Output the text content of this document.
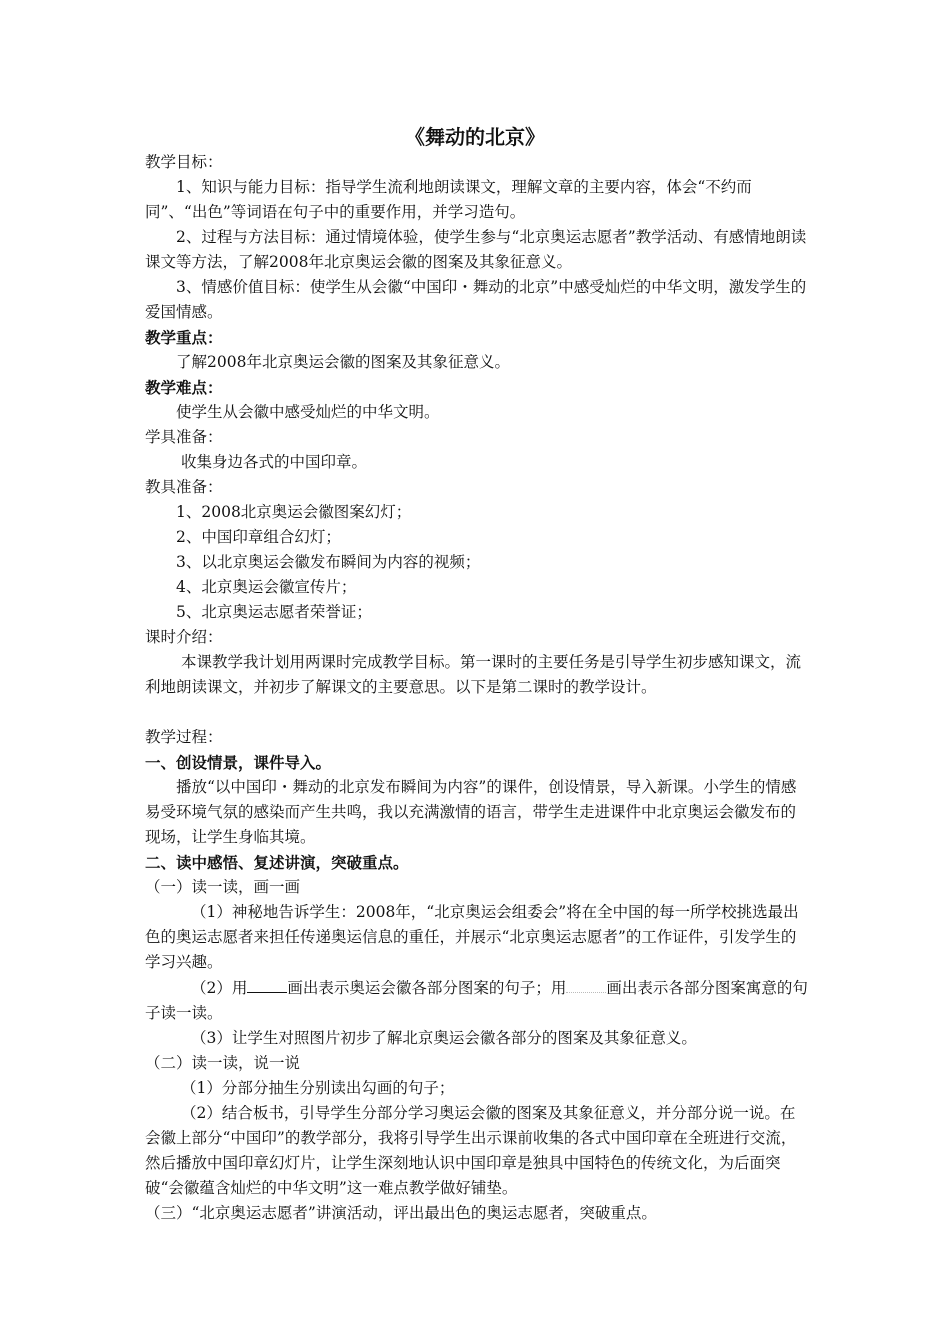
《舞动的北京》

教学目标：

1、知识与能力目标：指导学生流利地朗读课文，理解文章的主要内容，体会“不约而同”、“出色”等词语在句子中的重要作用，并学习造句。

2、过程与方法目标：通过情境体验，使学生参与“北京奥运志愿者”教学活动、有感情地朗读课文等方法，了解2008年北京奥运会徽的图案及其象征意义。

3、情感价值目标：使学生从会徽“中国印・舞动的北京”中感受灿烂的中华文明，激发学生的爱国情感。

教学重点：

了解2008年北京奥运会徽的图案及其象征意义。

教学难点：

使学生从会徽中感受灿烂的中华文明。

学具准备：

收集身边各式的中国印章。

教具准备：

1、2008北京奥运会徽图案幻灯；

2、中国印章组合幻灯；

3、以北京奥运会徽发布瞬间为内容的视频；

4、北京奥运会徽宣传片；

5、北京奥运志愿者荣誉证；

课时介绍：

本课教学我计划用两课时完成教学目标。第一课时的主要任务是引导学生初步感知课文，流利地朗读课文，并初步了解课文的主要意思。以下是第二课时的教学设计。

教学过程：

一、创设情景，课件导入。

播放“以中国印・舞动的北京发布瞬间为内容”的课件，创设情景，导入新课。小学生的情感易受环境气氛的感染而产生共鸣，我以充满激情的语言，带学生走进课件中北京奥运会徽发布的现场，让学生身临其境。

二、读中感悟、复述讲演，突破重点。

（一）读一读，画一画

（1）神秘地告诉学生：2008年，“北京奥运会组委会”将在全中国的每一所学校挑选最出色的奥运志愿者来担任传递奥运信息的重任，并展示“北京奥运志愿者”的工作证件，引发学生的学习兴趣。

（2）用	画出表示奥运会徽各部分图案的句子；用	画出表示各部分图案寓意的句子读一读。

（3）让学生对照图片初步了解北京奥运会徽各部分的图案及其象征意义。

（二）读一读，说一说

（1）分部分抽生分别读出勾画的句子；

（2）结合板书，引导学生分部分学习奥运会徽的图案及其象征意义，并分部分说一说。在会徽上部分“中国印”的教学部分，我将引导学生出示课前收集的各式中国印章在全班进行交流，然后播放中国印章幻灯片，让学生深刻地认识中国印章是独具中国特色的传统文化，为后面突破“会徽蕴含灿烂的中华文明”这一难点教学做好铺垫。

（三）“北京奥运志愿者”讲演活动，评出最出色的奥运志愿者，突破重点。
